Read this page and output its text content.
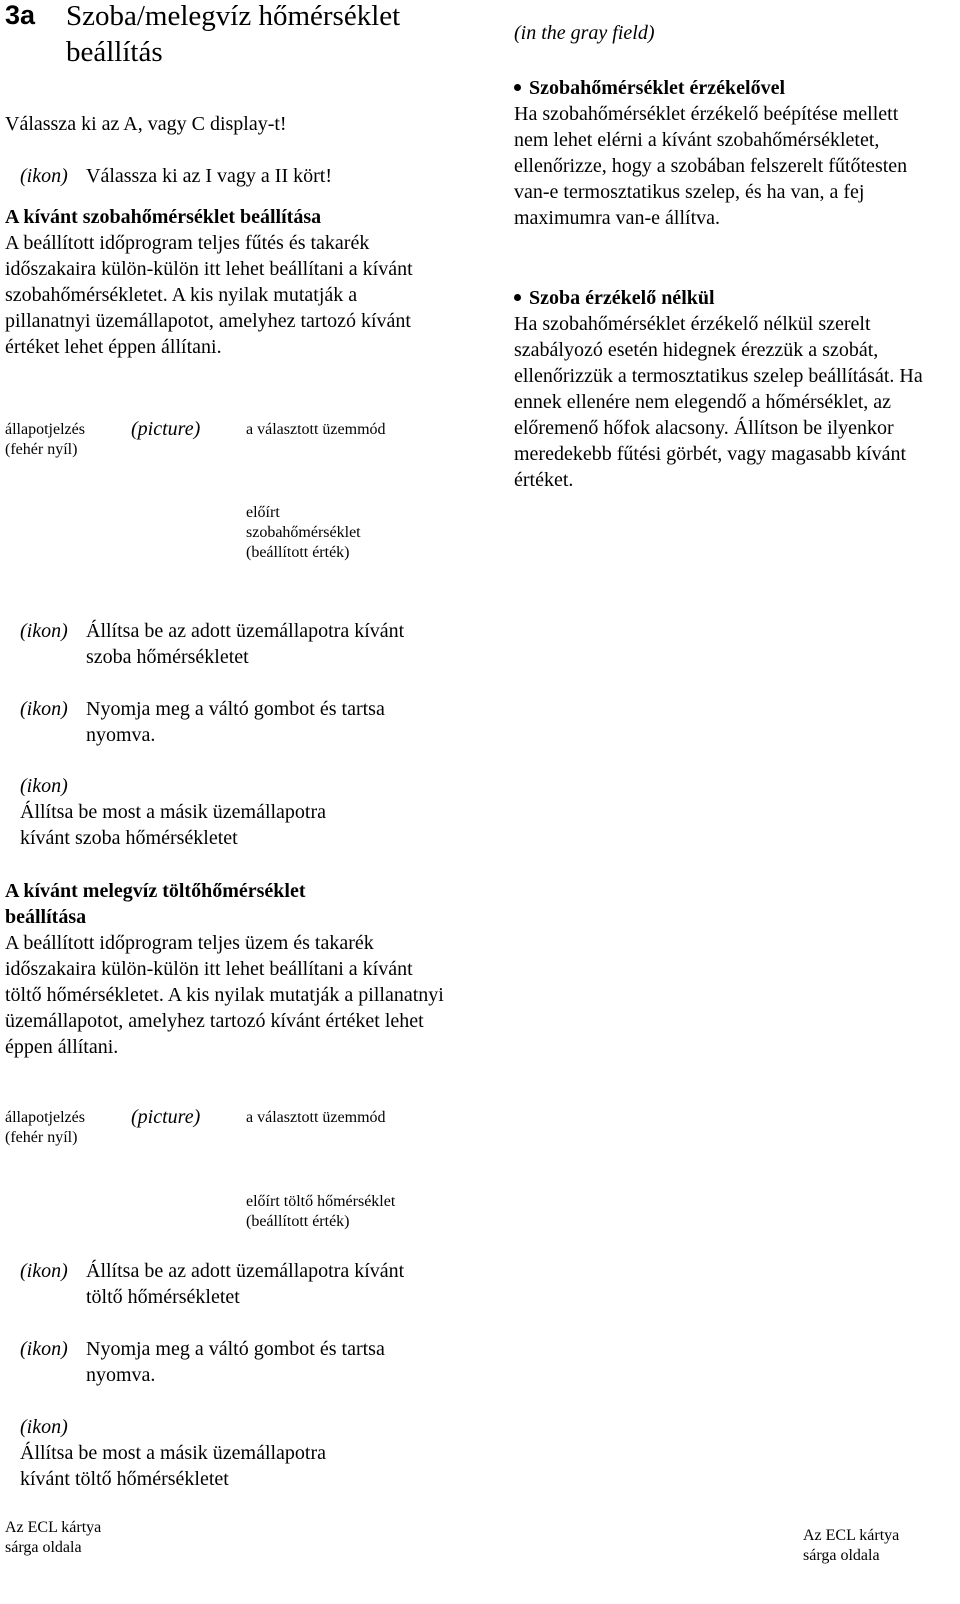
3a Szoba/melegvíz hőmérséklet beállítás
Válassza ki az A, vagy C display-t!
(ikon) Válassza ki az I vagy a II kört!
A kívánt szobahőmérséklet beállítása
A beállított időprogram teljes fűtés és takarék időszakaira külön-külön itt lehet beállítani a kívánt szobahőmérsékletet. A kis nyilak mutatják a pillanatnyi üzemállapotot, amelyhez tartozó kívánt értéket lehet éppen állítani.
állapotjelzés
(fehér nyíl)
(picture)	a választott üzemmód
előírt szobahőmérséklet (beállított érték)
(ikon) Állítsa be az adott üzemállapotra kívánt szoba hőmérsékletet
(ikon) Nyomja meg a váltó gombot és tartsa nyomva.
(ikon)Állítsa be most a másik üzemállapotra kívánt szoba hőmérsékletet
A kívánt melegvíz töltőhőmérséklet beállítása
A beállított időprogram teljes üzem és takarék időszakaira külön-külön itt lehet beállítani a kívánt töltő hőmérsékletet. A kis nyilak mutatják a pillanatnyi üzemállapotot, amelyhez tartozó kívánt értéket lehet éppen állítani.
állapotjelzés
(fehér nyíl)
(picture)	a választott üzemmód
előírt töltő hőmérséklet
(beállított érték)
(ikon) Állítsa be az adott üzemállapotra kívánt töltő hőmérsékletet
(ikon) Nyomja meg a váltó gombot és tartsa nyomva.
(ikon)Állítsa be most a másik üzemállapotra kívánt töltő hőmérsékletet
(in the gray field)
Szobahőmérséklet érzékelővel
Ha szobahőmérséklet érzékelő beépítése mellett nem lehet elérni a kívánt szobahőmérsékletet, ellenőrizze, hogy a szobában felszerelt fűtőtesten van-e termosztatikus szelep, és ha van, a fej maximumra van-e állítva.
Szoba érzékelő nélkül
Ha szobahőmérséklet érzékelő nélkül szerelt szabályozó esetén hidegnek érezzük a szobát, ellenőrizzük a termosztatikus szelep beállítását. Ha ennek ellenére nem elegendő a hőmérséklet, az előremenő hőfok alacsony. Állítson be ilyenkor meredekebb fűtési görbét, vagy magasabb kívánt értéket.
Az ECL kártya
sárga oldala
Az ECL kártya
sárga oldala
